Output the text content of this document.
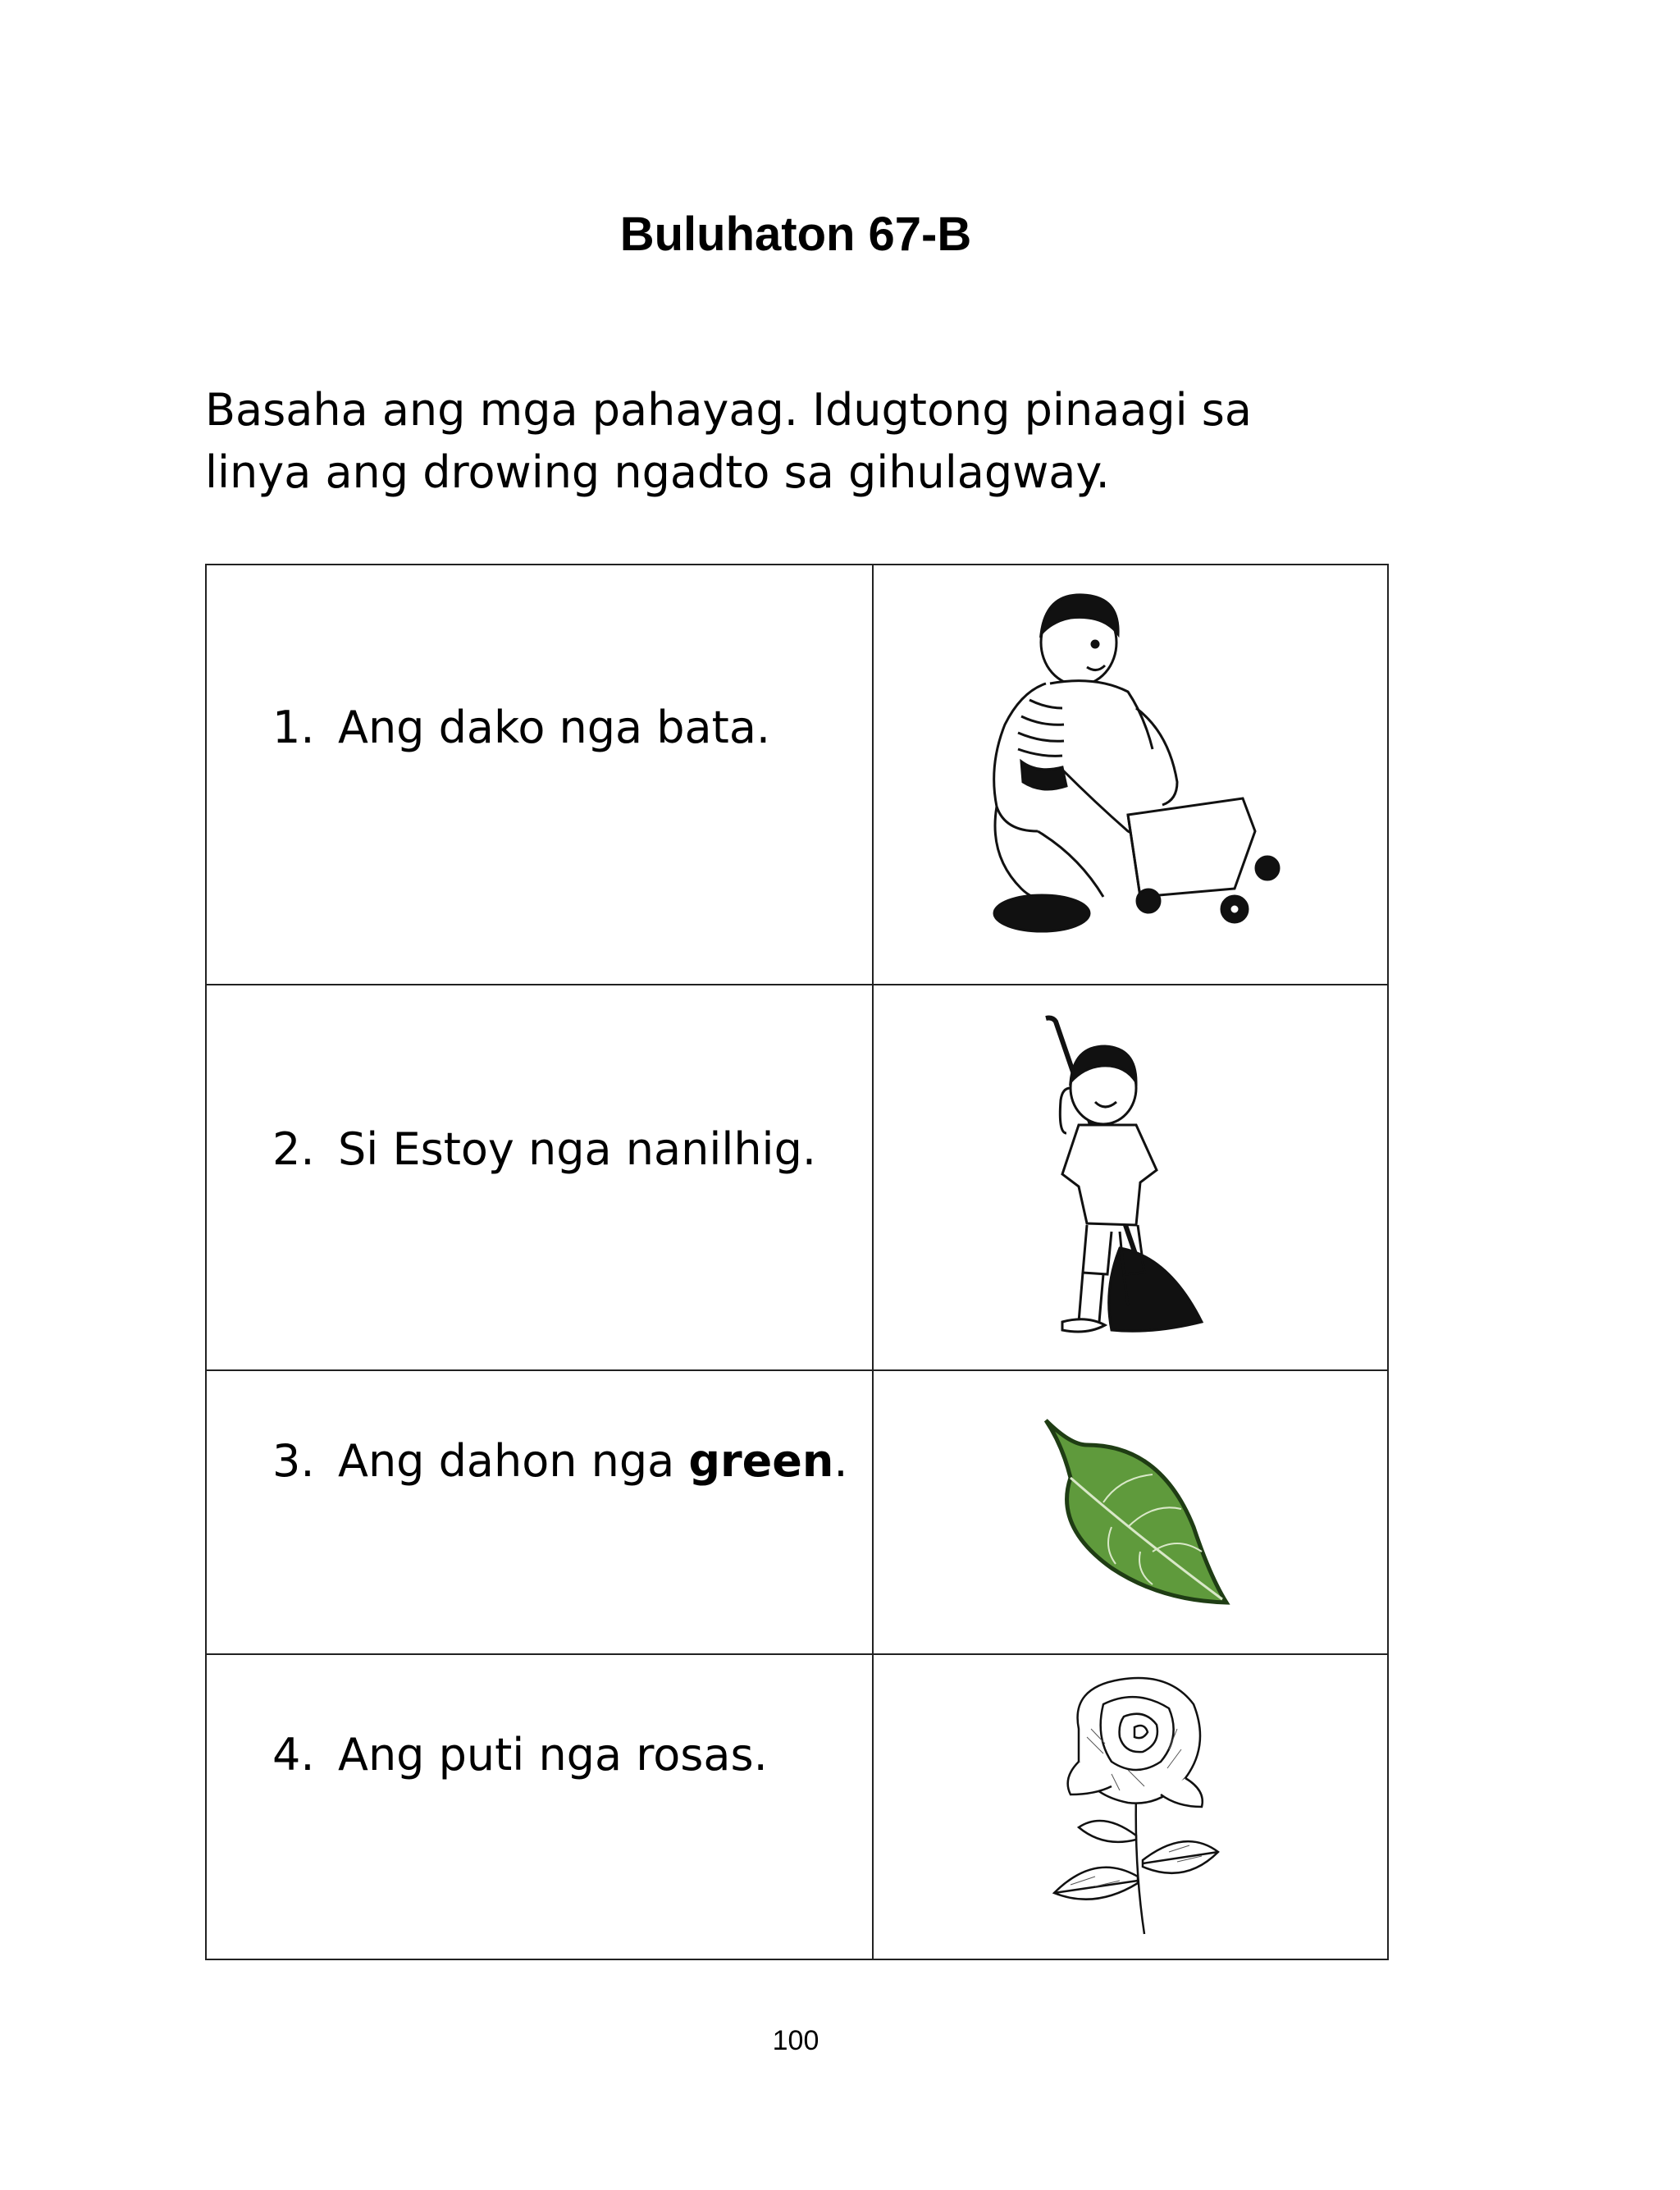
Buluhaton 67-B
Basaha ang mga pahayag. Idugtong pinaagi sa
linya ang drowing ngadto sa gihulagway.
1. Ang dako nga bata.

2. Si Estoy nga nanilhig.

3. Ang dahon nga green.

4. Ang puti nga rosas.

100
